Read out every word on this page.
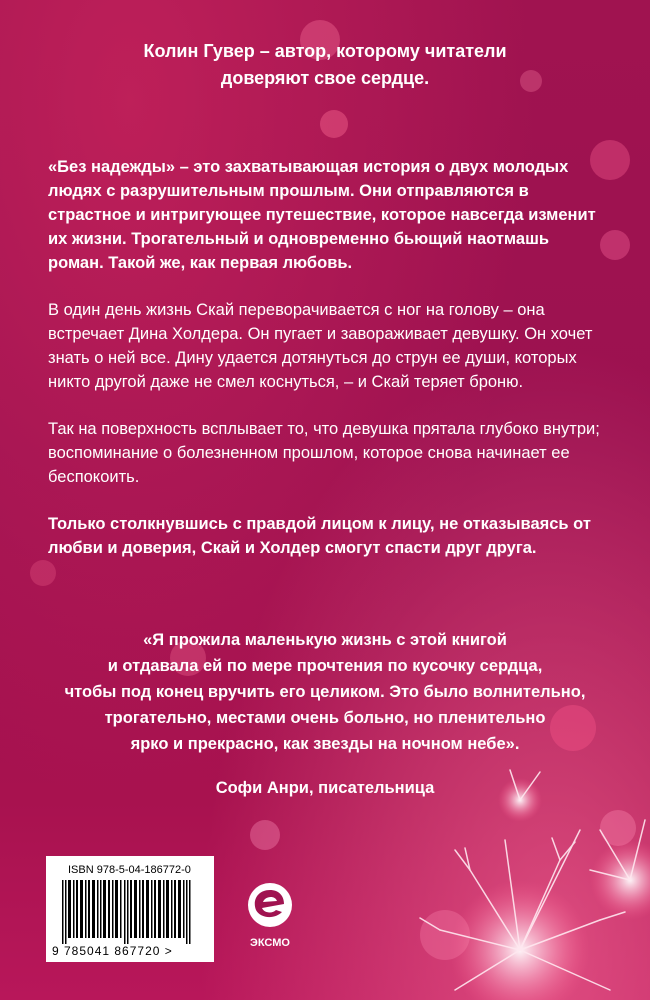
Колин Гувер – автор, которому читатели
доверяют свое сердце.

«Без надежды» – это захватывающая история о двух молодых людях с разрушительным прошлым. Они отправляются в страстное и интригующее путешествие, которое навсегда изменит их жизни. Трогательный и одновременно бьющий наотмашь роман. Такой же, как первая любовь.

В один день жизнь Скай переворачивается с ног на голову – она встречает Дина Холдера. Он пугает и завораживает девушку. Он хочет знать о ней все. Дину удается дотянуться до струн ее души, которых никто другой даже не смел коснуться, – и Скай теряет броню.

Так на поверхность всплывает то, что девушка прятала глубоко внутри; воспоминание о болезненном прошлом, которое снова начинает ее беспокоить.

Только столкнувшись с правдой лицом к лицу, не отказываясь от любви и доверия, Скай и Холдер смогут спасти друг друга.

«Я прожила маленькую жизнь с этой книгой
и отдавала ей по мере прочтения по кусочку сердца,
чтобы под конец вручить его целиком. Это было волнительно,
трогательно, местами очень больно, но пленительно
ярко и прекрасно, как звезды на ночном небе».
Софи Анри, писательница
ISBN 978-5-04-186772-0
9 785041 867720 >
ЭКСМО
